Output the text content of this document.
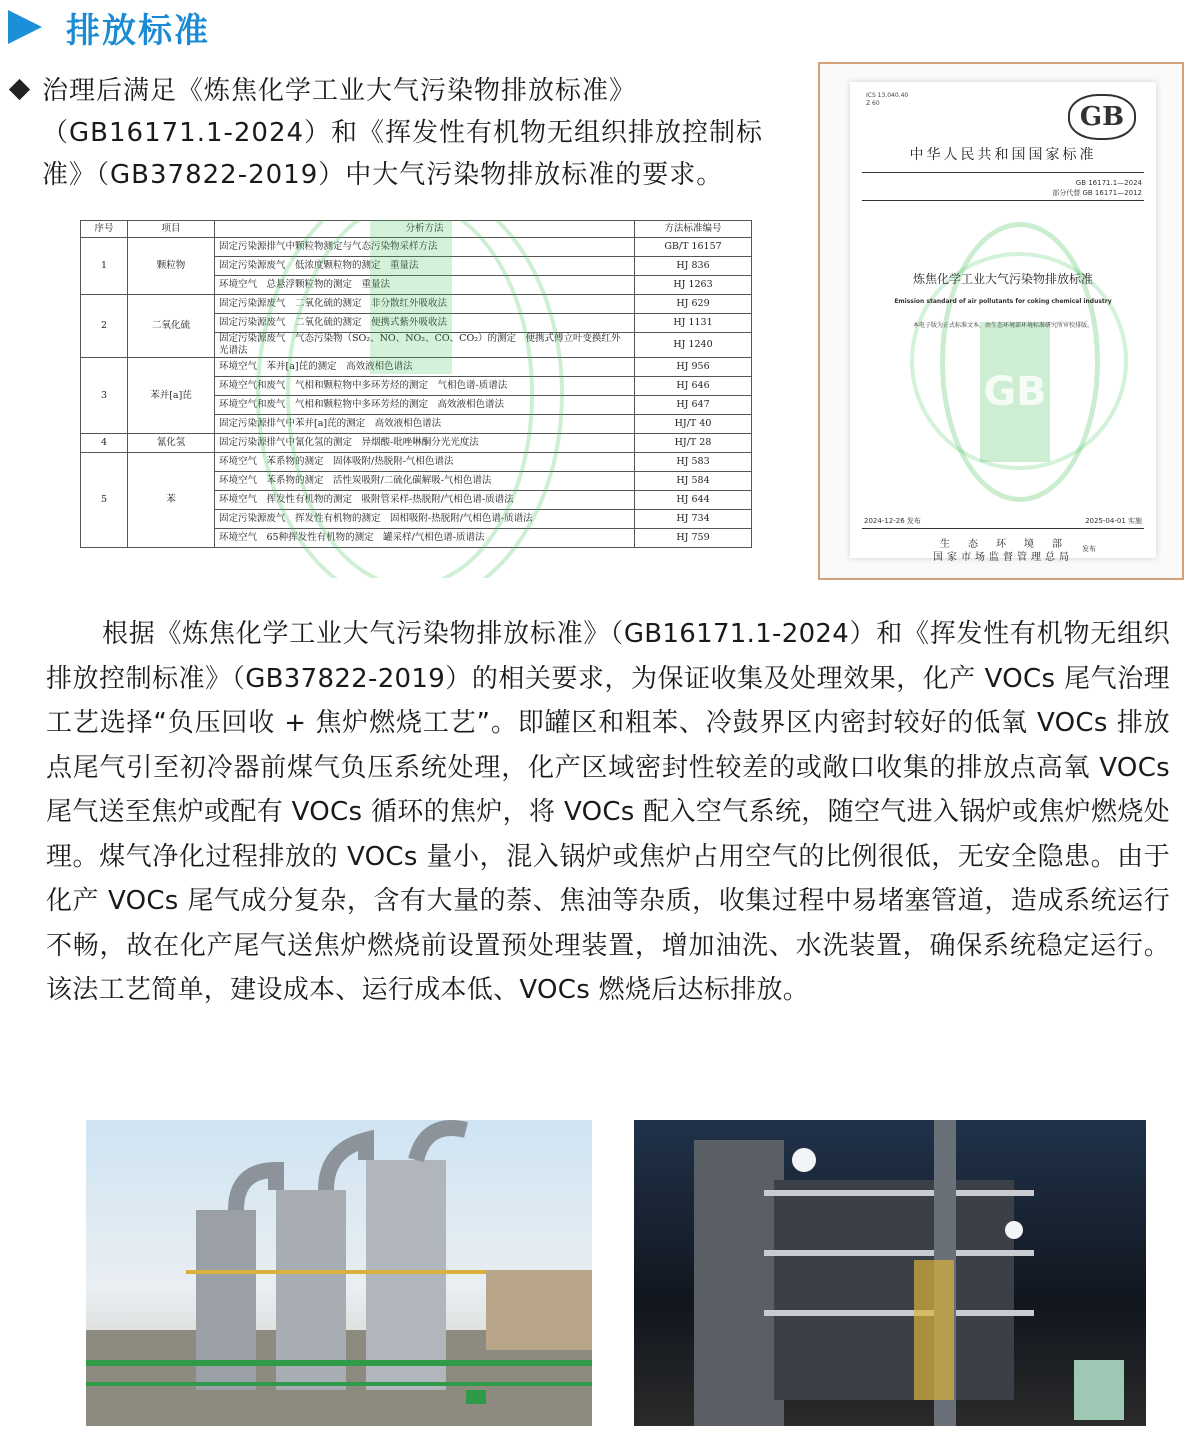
排放标准

治理后满足《炼焦化学工业大气污染物排放标准》（GB16171.1-2024）和《挥发性有机物无组织排放控制标准》（GB37822-2019）中大气污染物排放标准的要求。

序号	项目	分析方法	方法标准编号
1	颗粒物	固定污染源排气中颗粒物测定与气态污染物采样方法	GB/T 16157
		固定污染源废气　低浓度颗粒物的测定　重量法	HJ 836
		环境空气　总悬浮颗粒物的测定　重量法	HJ 1263
2	二氧化硫	固定污染源废气　二氧化硫的测定　非分散红外吸收法	HJ 629
		固定污染源废气　二氧化硫的测定　便携式紫外吸收法	HJ 1131
		固定污染源废气　气态污染物（SO₂、NO、NO₂、CO、CO₂）的测定　便携式傅立叶变换红外光谱法	HJ 1240
3	苯并[a]芘	环境空气　苯并[a]芘的测定　高效液相色谱法	HJ 956
		环境空气和废气　气相和颗粒物中多环芳烃的测定　气相色谱-质谱法	HJ 646
		环境空气和废气　气相和颗粒物中多环芳烃的测定　高效液相色谱法	HJ 647
		固定污染源排气中苯并[a]芘的测定　高效液相色谱法	HJ/T 40
4	氰化氢	固定污染源排气中氰化氢的测定　异烟酸-吡唑啉酮分光光度法	HJ/T 28
5	苯	环境空气　苯系物的测定　固体吸附/热脱附-气相色谱法	HJ 583
		环境空气　苯系物的测定　活性炭吸附/二硫化碳解吸-气相色谱法	HJ 584
		环境空气　挥发性有机物的测定　吸附管采样-热脱附/气相色谱-质谱法	HJ 644
		固定污染源废气　挥发性有机物的测定　固相吸附-热脱附/气相色谱-质谱法	HJ 734
		环境空气　65种挥发性有机物的测定　罐采样/气相色谱-质谱法	HJ 759
ICS 13.040.40
Z 60	GB
中华人民共和国国家标准
GB 16171.1—2024
部分代替 GB 16171—2012
GB
炼焦化学工业大气污染物排放标准
Emission standard of air pollutants for coking chemical industry
本电子版为正式标准文本，由生态环境部环境标准研究所审校排版。
2024-12-26 发布	2025-04-01 实施
生　态　环　境　部
国家市场监督管理总局
发布

根据《炼焦化学工业大气污染物排放标准》（GB16171.1-2024）和《挥发性有机物无组织排放控制标准》（GB37822-2019）的相关要求，为保证收集及处理效果，化产 VOCs 尾气治理工艺选择“负压回收 + 焦炉燃烧工艺”。即罐区和粗苯、冷鼓界区内密封较好的低氧 VOCs 排放点尾气引至初冷器前煤气负压系统处理，化产区域密封性较差的或敞口收集的排放点高氧 VOCs 尾气送至焦炉或配有 VOCs 循环的焦炉，将 VOCs 配入空气系统，随空气进入锅炉或焦炉燃烧处理。煤气净化过程排放的 VOCs 量小，混入锅炉或焦炉占用空气的比例很低，无安全隐患。由于化产 VOCs 尾气成分复杂，含有大量的萘、焦油等杂质，收集过程中易堵塞管道，造成系统运行不畅，故在化产尾气送焦炉燃烧前设置预处理装置，增加油洗、水洗装置，确保系统稳定运行。该法工艺简单，建设成本、运行成本低、VOCs 燃烧后达标排放。
